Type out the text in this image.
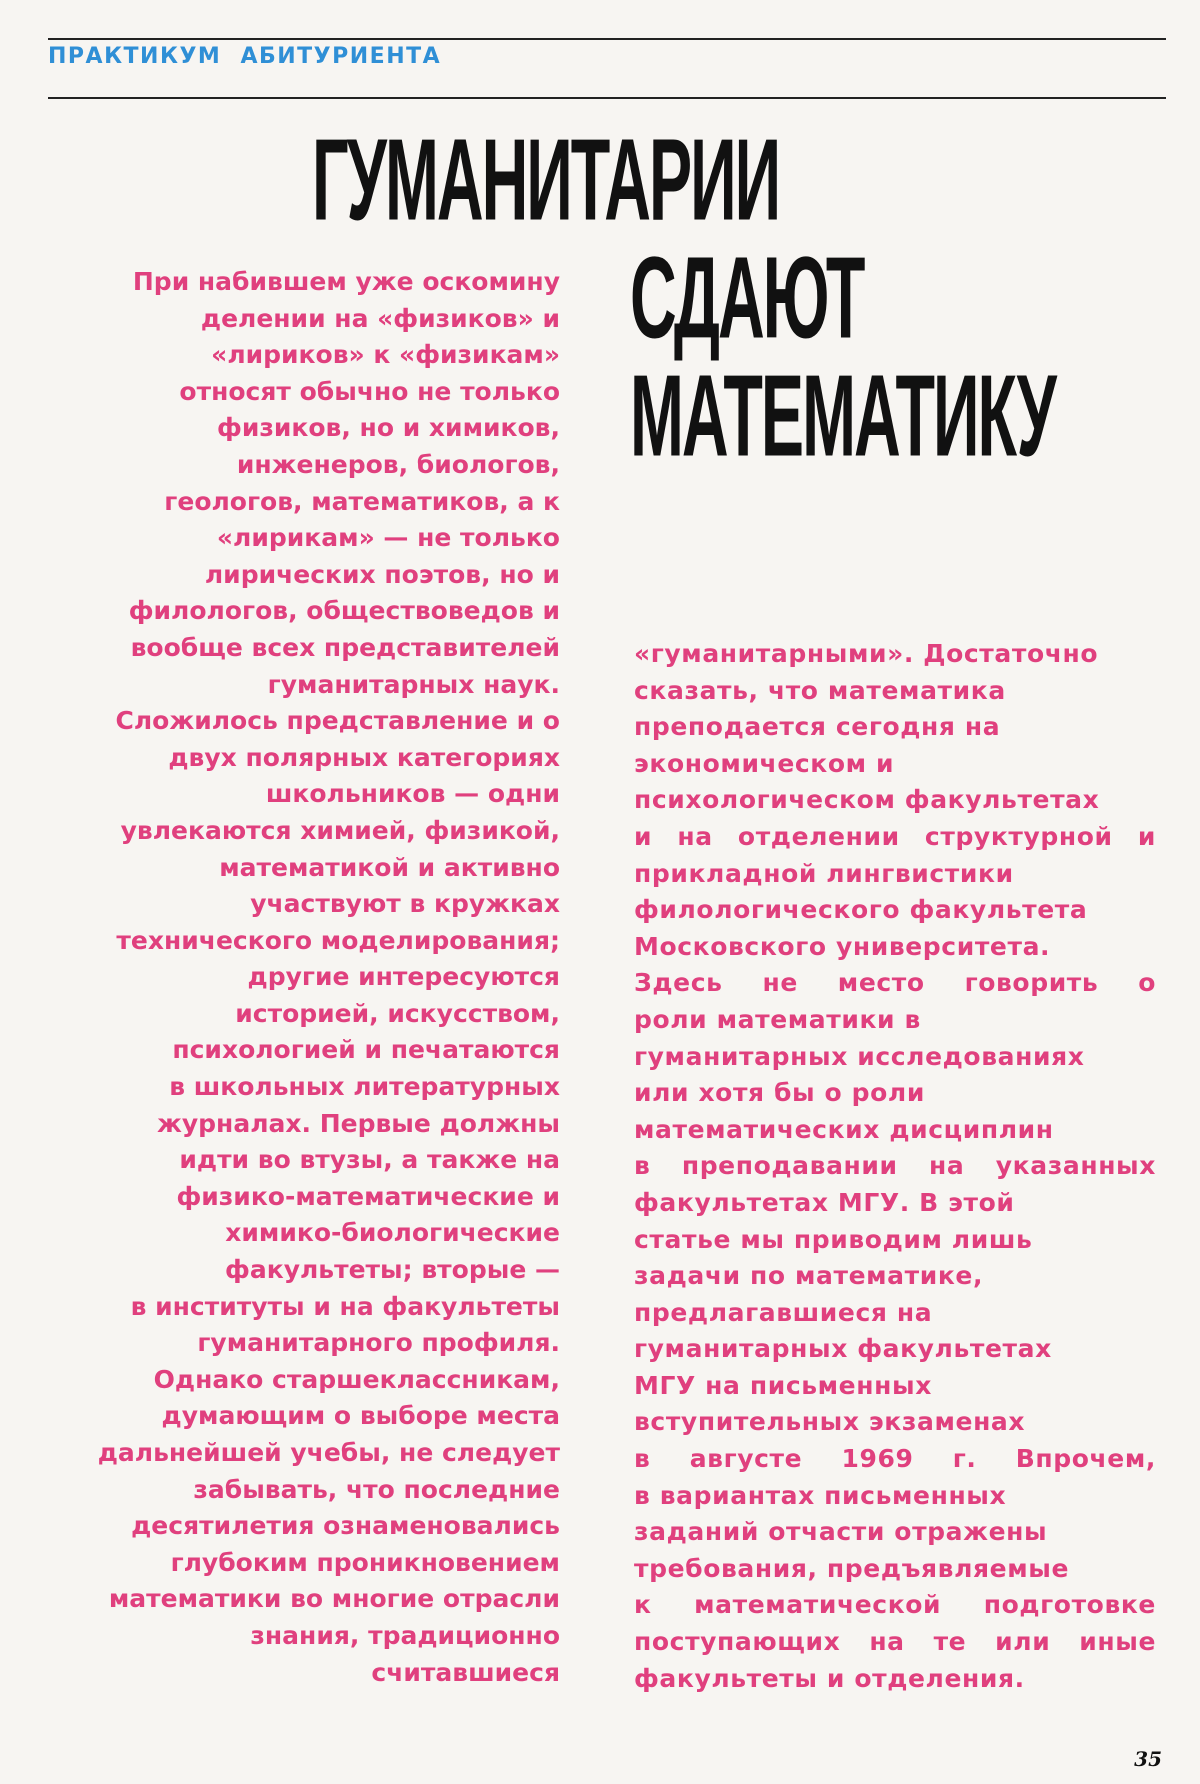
ПРАКТИКУМ АБИТУРИЕНТА

ГУМАНИТАРИИ
СДАЮТ
МАТЕМАТИКУ
При набившем уже оскомину
делении на «физиков» и
«лириков» к «физикам»
относят обычно не только
физиков, но и химиков,
инженеров, биологов,
геологов, математиков, а к
«лирикам» — не только
лирических поэтов, но и
филологов, обществоведов и
вообще всех представителей
гуманитарных наук.
Сложилось представление и о
двух полярных категориях
школьников — одни
увлекаются химией, физикой,
математикой и активно
участвуют в кружках
технического моделирования;
другие интересуются
историей, искусством,
психологией и печатаются
в школьных литературных
журналах. Первые должны
идти во втузы, а также на
физико-математические и
химико-биологические
факультеты; вторые —
в институты и на факультеты
гуманитарного профиля.
Однако старшеклассникам,
думающим о выборе места
дальнейшей учебы, не следует
забывать, что последние
десятилетия ознаменовались
глубоким проникновением
математики во многие отрасли
знания, традиционно
считавшиеся
«гуманитарными». Достаточно
сказать, что математика
преподается сегодня на
экономическом и
психологическом факультетах
и на отделении структурной и
прикладной лингвистики
филологического факультета
Московского университета.
Здесь не место говорить о
роли математики в
гуманитарных исследованиях
или хотя бы о роли
математических дисциплин
в преподавании на указанных
факультетах МГУ. В этой
статье мы приводим лишь
задачи по математике,
предлагавшиеся на
гуманитарных факультетах
МГУ на письменных
вступительных экзаменах
в августе 1969 г. Впрочем,
в вариантах письменных
заданий отчасти отражены
требования, предъявляемые
к математической подготовке
поступающих на те или иные
факультеты и отделения.

35
